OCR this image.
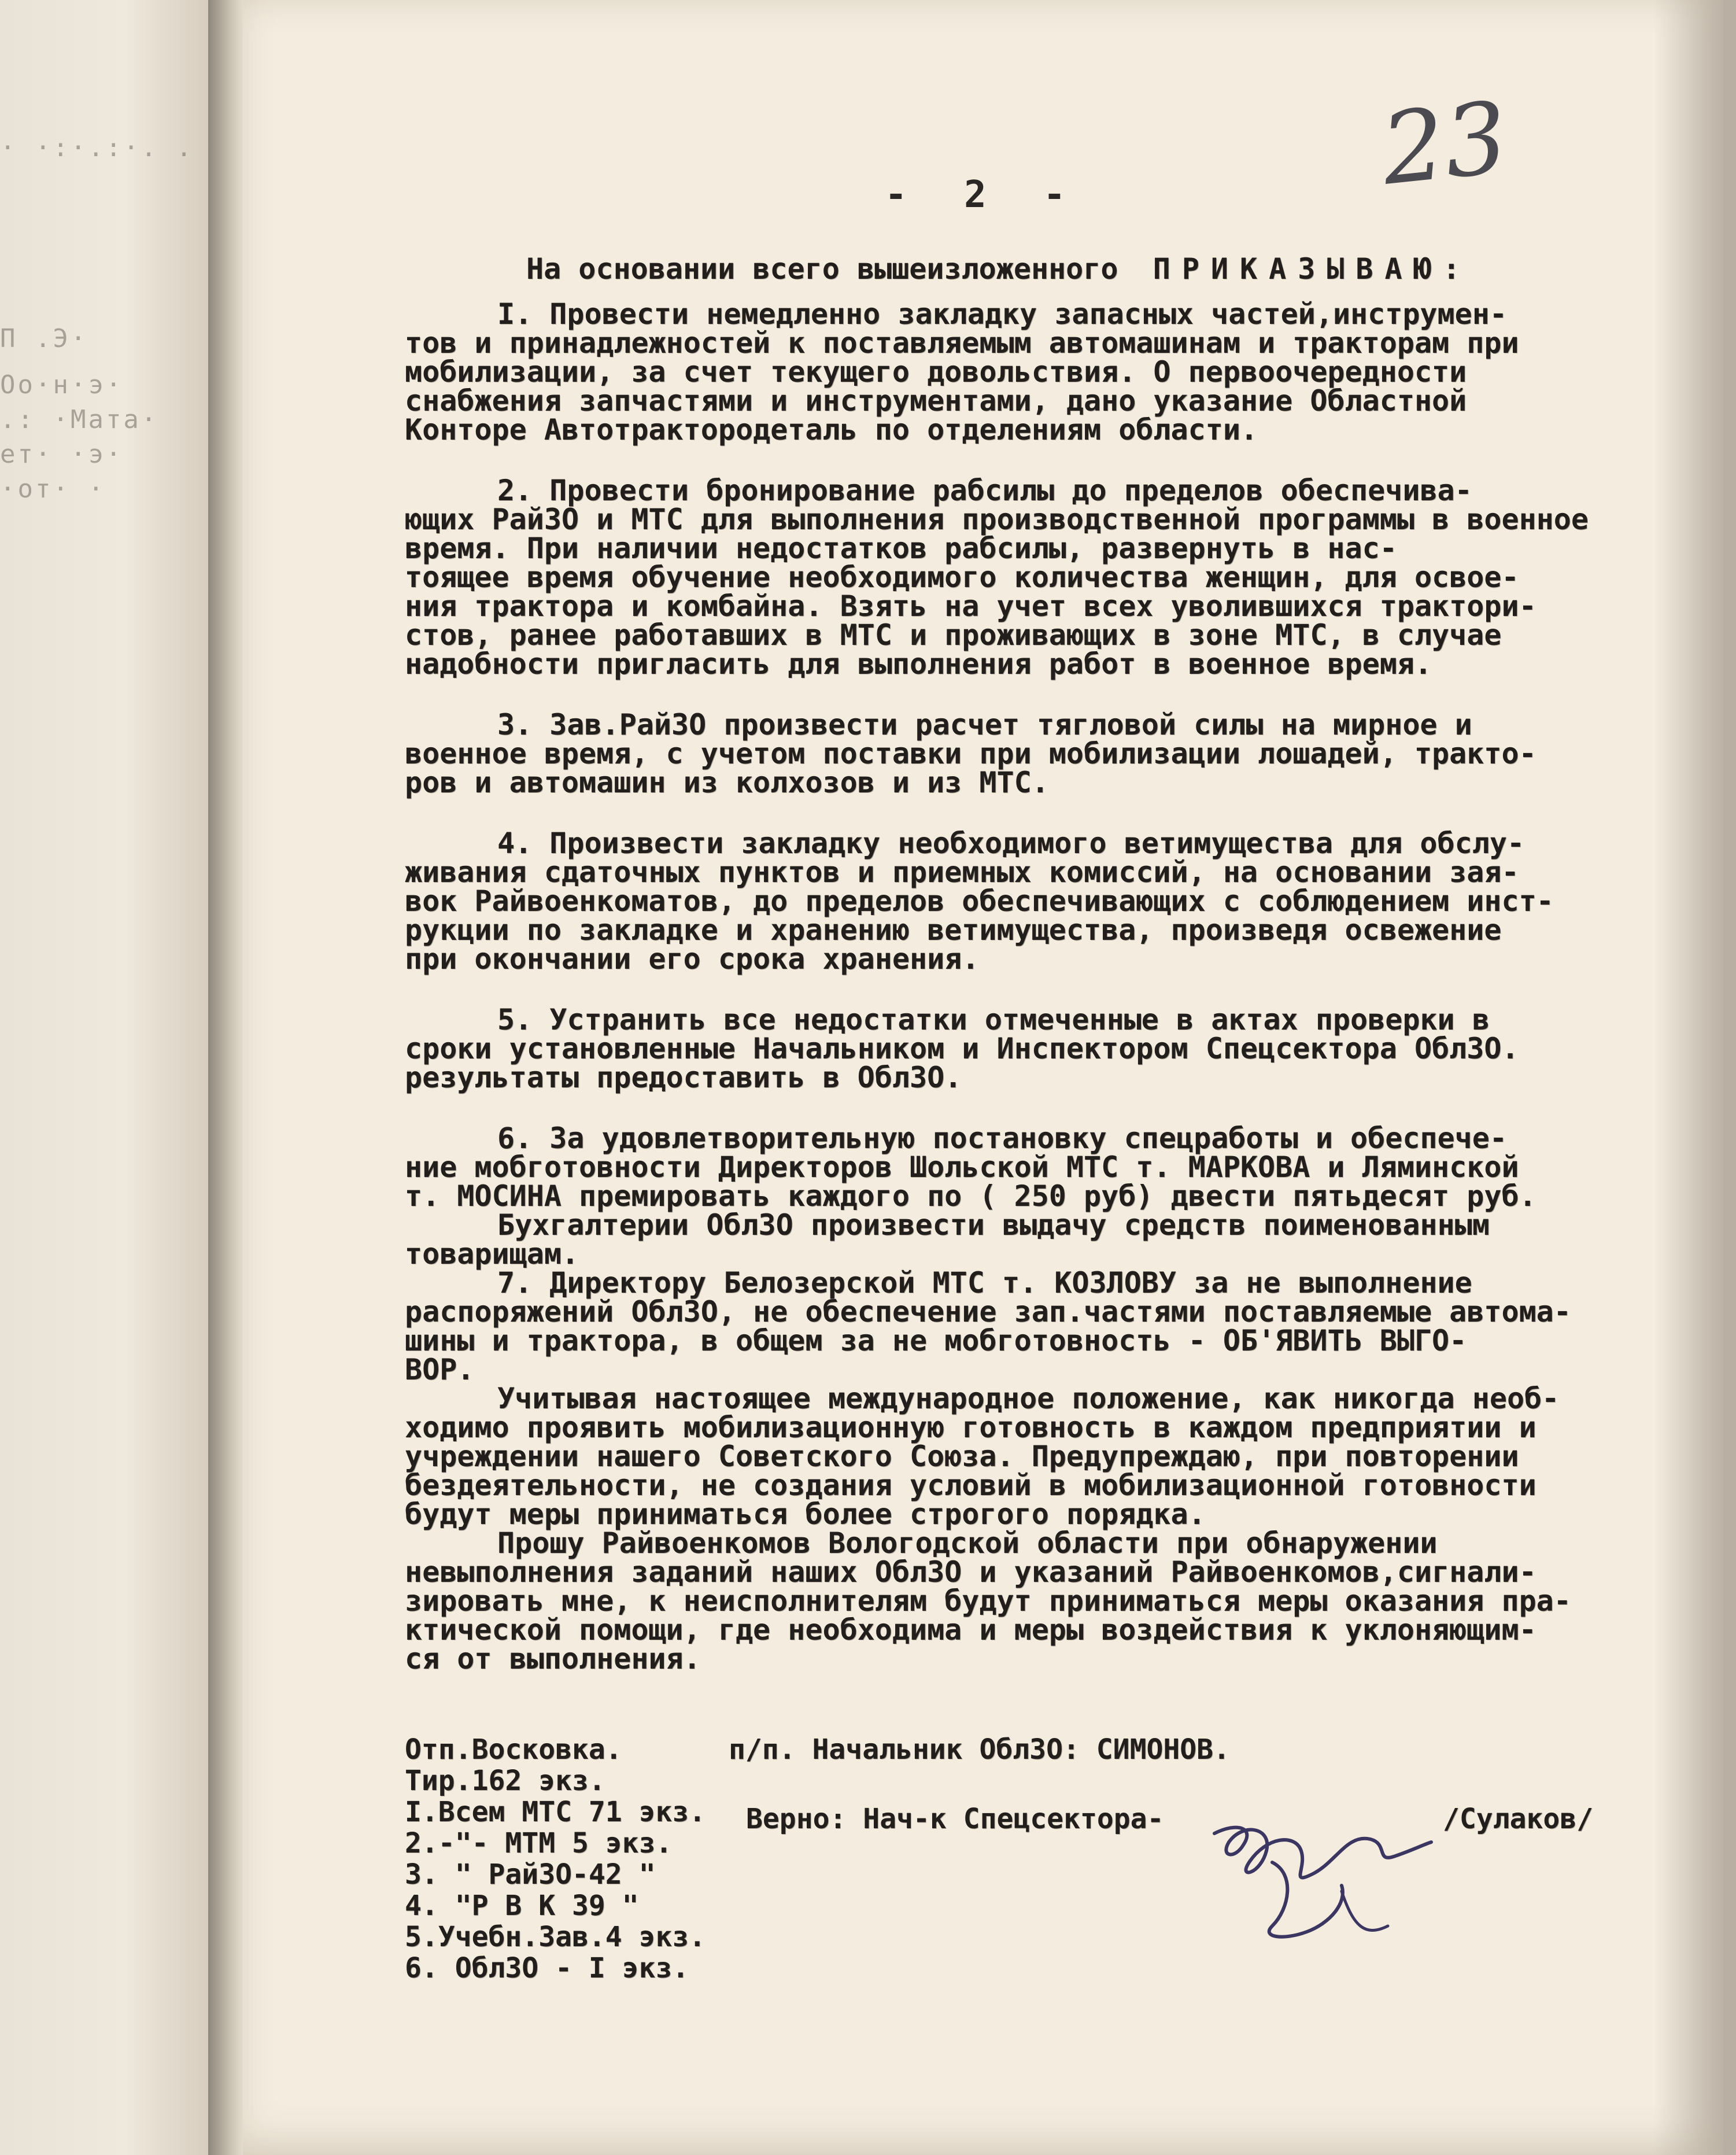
· ·:·.:·. .
П .Э·
Оо·н·э·
.: ·Мата·
ет· ·э·
·от· ·
23
- 2 -
На основании всего вышеизложенного ПРИКАЗЫВАЮ:
I. Провести немедленно закладку запасных частей,инструмен-
тов и принадлежностей к поставляемым автомашинам и тракторам при
мобилизации, за счет текущего довольствия. О первоочередности
снабжения запчастями и инструментами, дано указание Областной
Конторе Автотрактородеталь по отделениям области.
2. Провести бронирование рабсилы до пределов обеспечива-
ющих РайЗО и МТС для выполнения производственной программы в военное
время. При наличии недостатков рабсилы, развернуть в нас-
тоящее время обучение необходимого количества женщин, для освое-
ния трактора и комбайна. Взять на учет всех уволившихся трактори-
стов, ранее работавших в МТС и проживающих в зоне МТС, в случае
надобности пригласить для выполнения работ в военное время.
3. Зав.РайЗО произвести расчет тягловой силы на мирное и
военное время, с учетом поставки при мобилизации лошадей, тракто-
ров и автомашин из колхозов и из МТС.
4. Произвести закладку необходимого ветимущества для обслу-
живания сдаточных пунктов и приемных комиссий, на основании зая-
вок Райвоенкоматов, до пределов обеспечивающих с соблюдением инст-
рукции по закладке и хранению ветимущества, произведя освежение
при окончании его срока хранения.
5. Устранить все недостатки отмеченные в актах проверки в
сроки установленные Начальником и Инспектором Спецсектора ОблЗО.
результаты предоставить в ОблЗО.
6. За удовлетворительную постановку спецработы и обеспече-
ние мобготовности Директоров Шольской МТС т. МАРКОВА и Ляминской
т. МОСИНА премировать каждого по ( 250 руб) двести пятьдесят руб.
Бухгалтерии ОблЗО произвести выдачу средств поименованным
товарищам.
7. Директору Белозерской МТС т. КОЗЛОВУ за не выполнение
распоряжений ОблЗО, не обеспечение зап.частями поставляемые автома-
шины и трактора, в общем за не мобготовность - ОБ'ЯВИТЬ ВЫГО-
ВОР.
Учитывая настоящее международное положение, как никогда необ-
ходимо проявить мобилизационную готовность в каждом предприятии и
учреждении нашего Советского Союза. Предупреждаю, при повторении
бездеятельности, не создания условий в мобилизационной готовности
будут меры приниматься более строгого порядка.
Прошу Райвоенкомов Вологодской области при обнаружении
невыполнения заданий наших ОблЗО и указаний Райвоенкомов,сигнали-
зировать мне, к неисполнителям будут приниматься меры оказания пра-
ктической помощи, где необходима и меры воздействия к уклоняющим-
ся от выполнения.
Отп.Восковка.
Тир.162 экз.
I.Всем МТС 71 экз.
2.-"- МТМ 5 экз.
3. " РайЗО-42 "
4. "Р В К 39 "
5.Учебн.Зав.4 экз.
6. ОблЗО - I экз.
п/п. Начальник ОблЗО: СИМОНОВ.
Верно: Нач-к Спецсектора-	/Сулаков/
